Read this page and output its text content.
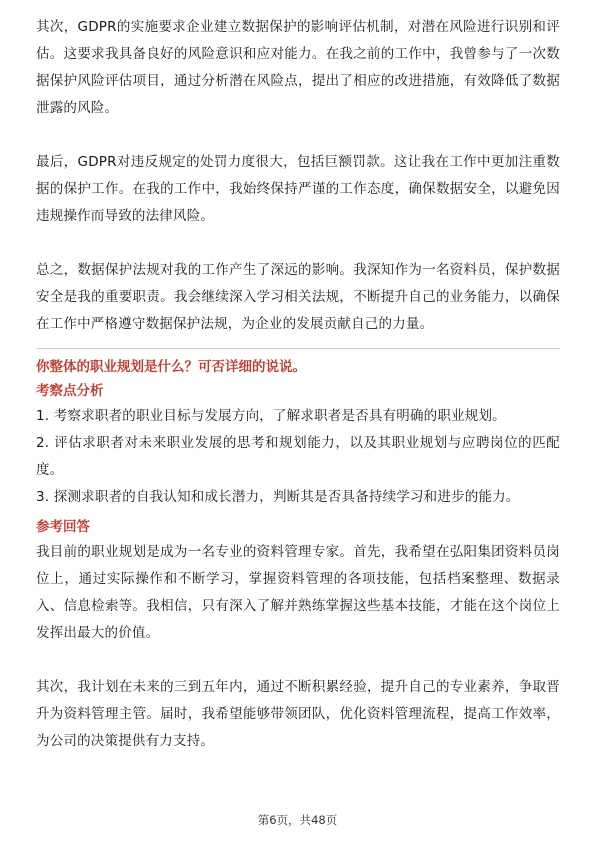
其次，GDPR的实施要求企业建立数据保护的影响评估机制，对潜在风险进行识别和评估。这要求我具备良好的风险意识和应对能力。在我之前的工作中，我曾参与了一次数据保护风险评估项目，通过分析潜在风险点，提出了相应的改进措施，有效降低了数据泄露的风险。

最后，GDPR对违反规定的处罚力度很大，包括巨额罚款。这让我在工作中更加注重数据的保护工作。在我的工作中，我始终保持严谨的工作态度，确保数据安全，以避免因违规操作而导致的法律风险。

总之，数据保护法规对我的工作产生了深远的影响。我深知作为一名资料员，保护数据安全是我的重要职责。我会继续深入学习相关法规，不断提升自己的业务能力，以确保在工作中严格遵守数据保护法规，为企业的发展贡献自己的力量。

你整体的职业规划是什么？可否详细的说说。
考察点分析
1. 考察求职者的职业目标与发展方向，了解求职者是否具有明确的职业规划。
2. 评估求职者对未来职业发展的思考和规划能力，以及其职业规划与应聘岗位的匹配度。
3. 探测求职者的自我认知和成长潜力，判断其是否具备持续学习和进步的能力。
参考回答

我目前的职业规划是成为一名专业的资料管理专家。首先，我希望在弘阳集团资料员岗位上，通过实际操作和不断学习，掌握资料管理的各项技能，包括档案整理、数据录入、信息检索等。我相信，只有深入了解并熟练掌握这些基本技能，才能在这个岗位上发挥出最大的价值。

其次，我计划在未来的三到五年内，通过不断积累经验，提升自己的专业素养，争取晋升为资料管理主管。届时，我希望能够带领团队，优化资料管理流程，提高工作效率，为公司的决策提供有力支持。

第6页，共48页
